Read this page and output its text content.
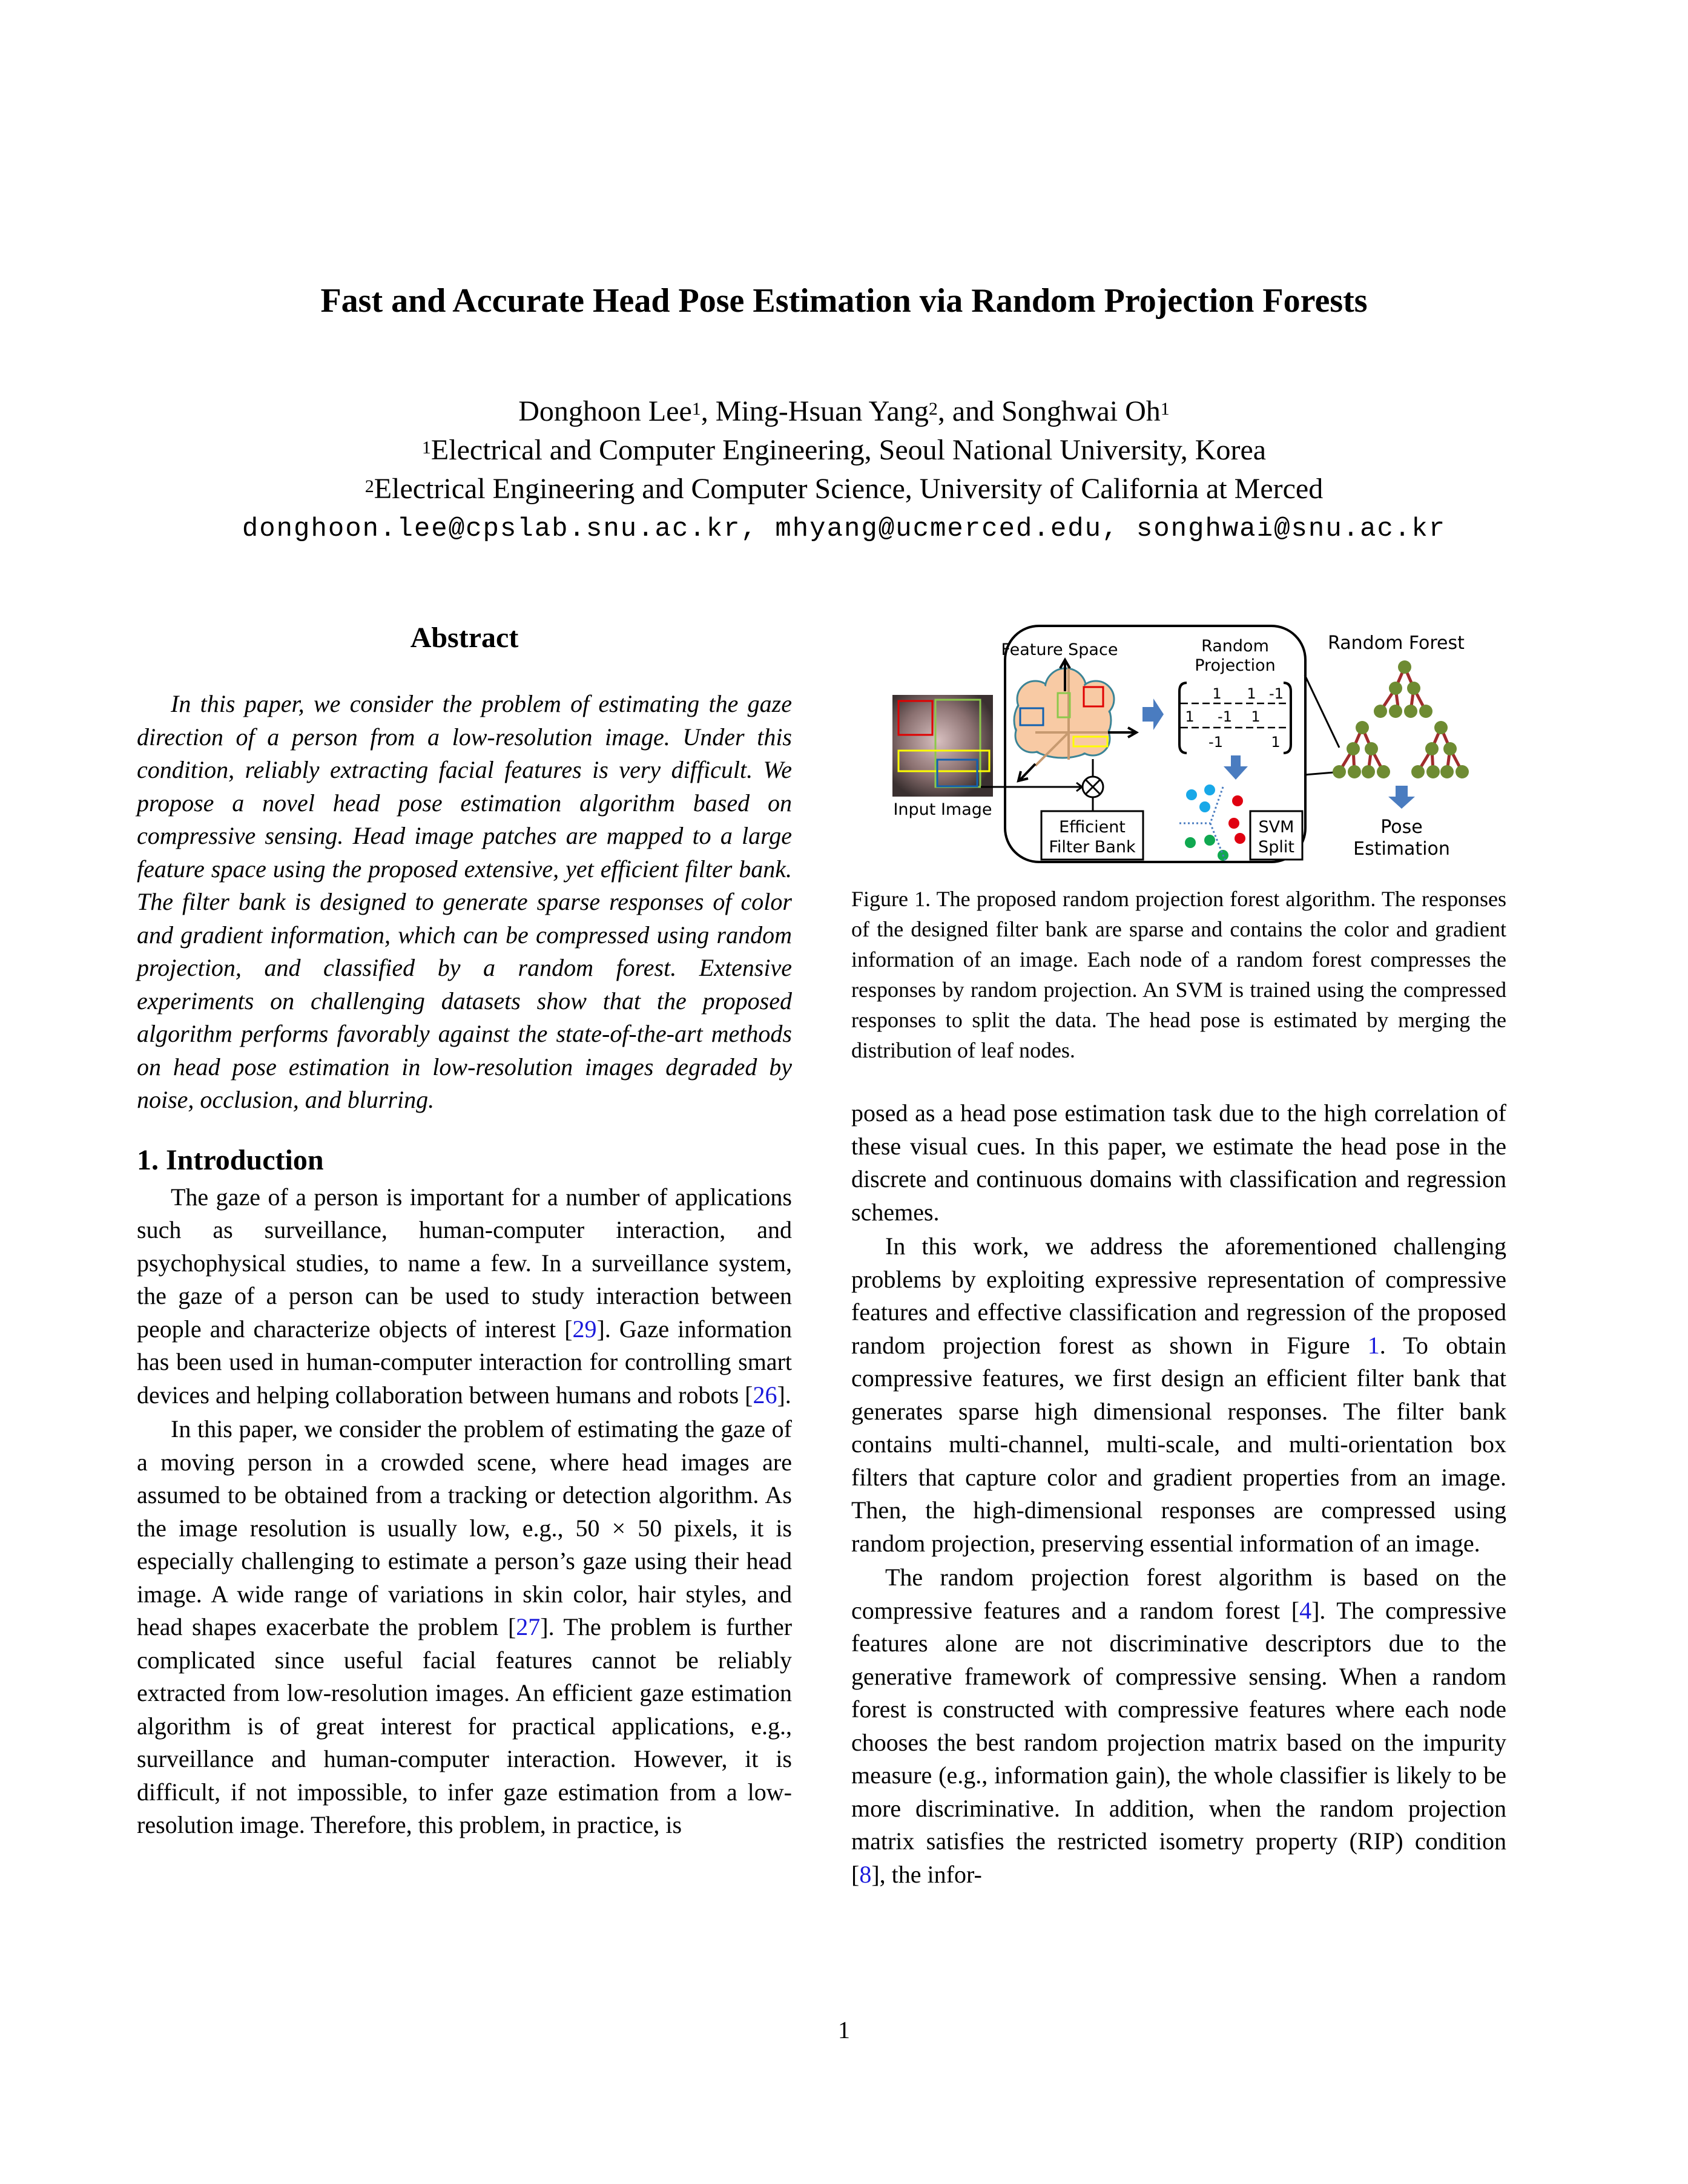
Fast and Accurate Head Pose Estimation via Random Projection Forests
Donghoon Lee$^1$, Ming-Hsuan Yang$^2$, and Songhwai Oh$^1$
$^1$Electrical and Computer Engineering, Seoul National University, Korea
$^2$Electrical Engineering and Computer Science, University of California at Merced
donghoon.lee@cpslab.snu.ac.kr, mhyang@ucmerced.edu, songhwai@snu.ac.kr
Abstract

In this paper, we consider the problem of estimating the gaze direction of a person from a low-resolution image. Under this condition, reliably extracting facial features is very difficult. We propose a novel head pose estimation algorithm based on compressive sensing. Head image patches are mapped to a large feature space using the proposed extensive, yet efficient filter bank. The filter bank is designed to generate sparse responses of color and gradient information, which can be compressed using random projection, and classified by a random forest. Extensive experiments on challenging datasets show that the proposed algorithm performs favorably against the state-of-the-art methods on head pose estimation in low-resolution images degraded by noise, occlusion, and blurring.

1. Introduction

The gaze of a person is important for a number of applications such as surveillance, human-computer interaction, and psychophysical studies, to name a few. In a surveillance system, the gaze of a person can be used to study interaction between people and characterize objects of interest [29]. Gaze information has been used in human-computer interaction for controlling smart devices and helping collaboration between humans and robots [26].

In this paper, we consider the problem of estimating the gaze of a moving person in a crowded scene, where head images are assumed to be obtained from a tracking or detection algorithm. As the image resolution is usually low, e.g., 50 × 50 pixels, it is especially challenging to estimate a person’s gaze using their head image. A wide range of variations in skin color, hair styles, and head shapes exacerbate the problem [27]. The problem is further complicated since useful facial features cannot be reliably extracted from low-resolution images. An efficient gaze estimation algorithm is of great interest for practical applications, e.g., surveillance and human-computer interaction. However, it is difficult, if not impossible, to infer gaze estimation from a low-resolution image. Therefore, this problem, in practice, is

Input Image
Feature Space
Efficient
Filter Bank
Random
Projection
1 1 -1
1 -1 1
-1	1
SVM
Split
Random Forest
Pose
Estimation
Figure 1. The proposed random projection forest algorithm. The responses of the designed filter bank are sparse and contains the color and gradient information of an image. Each node of a random forest compresses the responses by random projection. An SVM is trained using the compressed responses to split the data. The head pose is estimated by merging the distribution of leaf nodes.

posed as a head pose estimation task due to the high correlation of these visual cues. In this paper, we estimate the head pose in the discrete and continuous domains with classification and regression schemes.

In this work, we address the aforementioned challenging problems by exploiting expressive representation of compressive features and effective classification and regression of the proposed random projection forest as shown in Figure 1. To obtain compressive features, we first design an efficient filter bank that generates sparse high dimensional responses. The filter bank contains multi-channel, multi-scale, and multi-orientation box filters that capture color and gradient properties from an image. Then, the high-dimensional responses are compressed using random projection, preserving essential information of an image.

The random projection forest algorithm is based on the compressive features and a random forest [4]. The compressive features alone are not discriminative descriptors due to the generative framework of compressive sensing. When a random forest is constructed with compressive features where each node chooses the best random projection matrix based on the impurity measure (e.g., information gain), the whole classifier is likely to be more discriminative. In addition, when the random projection matrix satisfies the restricted isometry property (RIP) condition [8], the infor-

1
